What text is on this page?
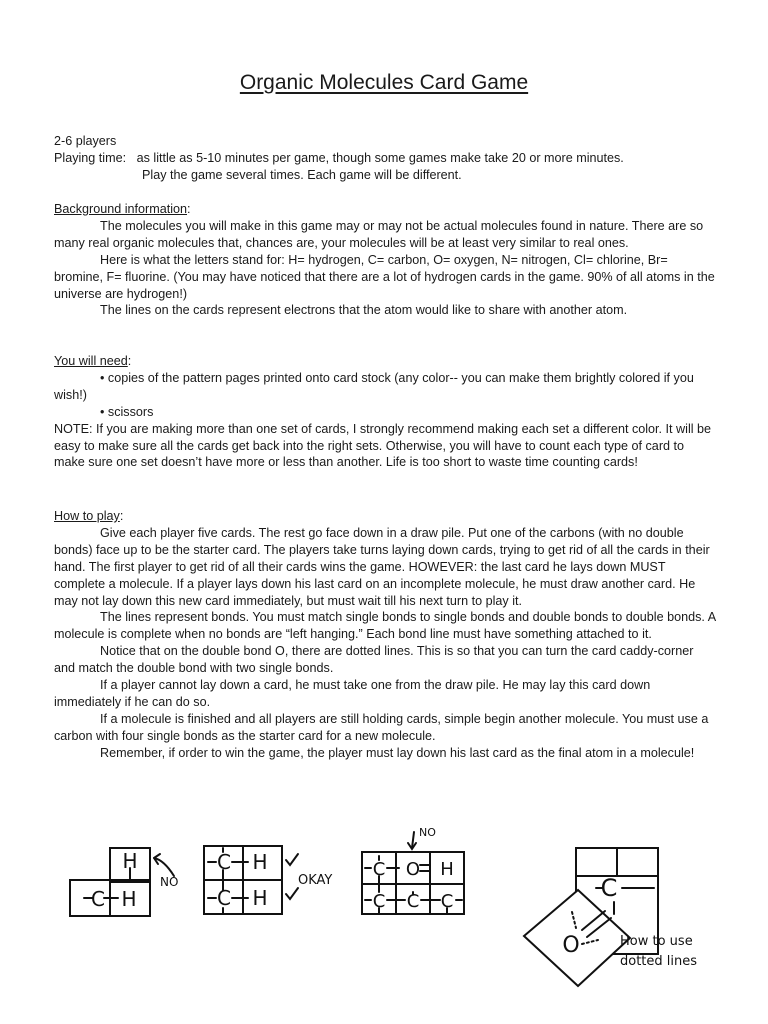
Organic Molecules Card Game
2-6 players
Playing time: as little as 5-10 minutes per game, though some games make take 20 or more minutes.
Play the game several times. Each game will be different.
Background information:

The molecules you will make in this game may or may not be actual molecules found in nature. There are so many real organic molecules that, chances are, your molecules will be at least very similar to real ones.

Here is what the letters stand for: H= hydrogen, C= carbon, O= oxygen, N= nitrogen, Cl= chlorine, Br= bromine, F= fluorine. (You may have noticed that there are a lot of hydrogen cards in the game. 90% of all atoms in the universe are hydrogen!)

The lines on the cards represent electrons that the atom would like to share with another atom.

You will need:

• copies of the pattern pages printed onto card stock (any color-- you can make them brightly colored if you wish!)

• scissors

NOTE: If you are making more than one set of cards, I strongly recommend making each set a different color. It will be easy to make sure all the cards get back into the right sets. Otherwise, you will have to count each type of card to make sure one set doesn’t have more or less than another. Life is too short to waste time counting cards!

How to play:

Give each player five cards. The rest go face down in a draw pile. Put one of the carbons (with no double bonds) face up to be the starter card. The players take turns laying down cards, trying to get rid of all the cards in their hand. The first player to get rid of all their cards wins the game. HOWEVER: the last card he lays down MUST complete a molecule. If a player lays down his last card on an incomplete molecule, he must draw another card. He may not lay down this new card immediately, but must wait till his next turn to play it.

The lines represent bonds. You must match single bonds to single bonds and double bonds to double bonds. A molecule is complete when no bonds are “left hanging.” Each bond line must have something attached to it.

Notice that on the double bond O, there are dotted lines. This is so that you can turn the card caddy-corner and match the double bond with two single bonds.

If a player cannot lay down a card, he must take one from the draw pile. He may lay this card down immediately if he can do so.

If a molecule is finished and all players are still holding cards, simple begin another molecule. You must use a carbon with four single bonds as the starter card for a new molecule.

Remember, if order to win the game, the player must lay down his last card as the final atom in a molecule!

H
C H
NO
C H
C H
OKAY
C O H
C C C
NO
C
O	How to use
dotted lines
